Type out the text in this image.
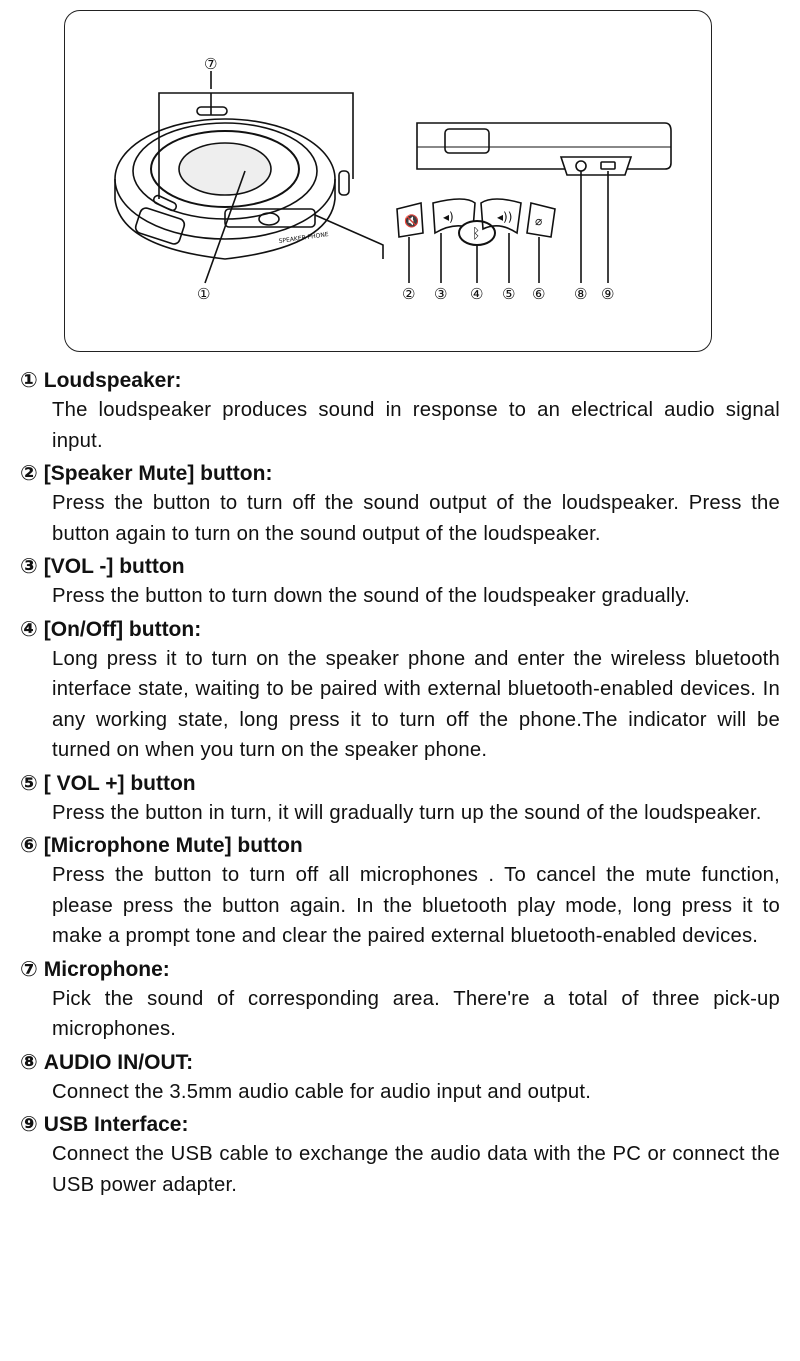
🔇 ◂)
ᛒ
◂)) ⌀
SPEAKER PHONE
⑦
①	② ③ ④ ⑤ ⑥ ⑧ ⑨
① Loudspeaker:
The loudspeaker produces sound in response to an electrical audio signal input.
② [Speaker Mute] button:
Press the button to turn off the sound output of the loudspeaker. Press the button again to turn on the sound output of the loudspeaker.
③ [VOL -] button
Press the button to turn down the sound of the loudspeaker gradually.
④ [On/Off] button:
Long press it to turn on the speaker phone and enter the wireless bluetooth interface state, waiting to be paired with external bluetooth-enabled devices. In any working state, long press it to turn off the phone.The indicator will be turned on when you turn on the speaker phone.
⑤ [ VOL +] button
Press the button in turn, it will gradually turn up the sound of the loudspeaker.
⑥ [Microphone Mute] button
Press the button to turn off all microphones . To cancel the mute function, please press the button again. In the bluetooth play mode, long press it to make a prompt tone and clear the paired external bluetooth-enabled devices.
⑦ Microphone:
Pick the sound of corresponding area. There're a total of three pick-up microphones.
⑧ AUDIO IN/OUT:
Connect the 3.5mm audio cable for audio input and output.
⑨ USB Interface:
Connect the USB cable to exchange the audio data with the PC or connect the USB power adapter.
